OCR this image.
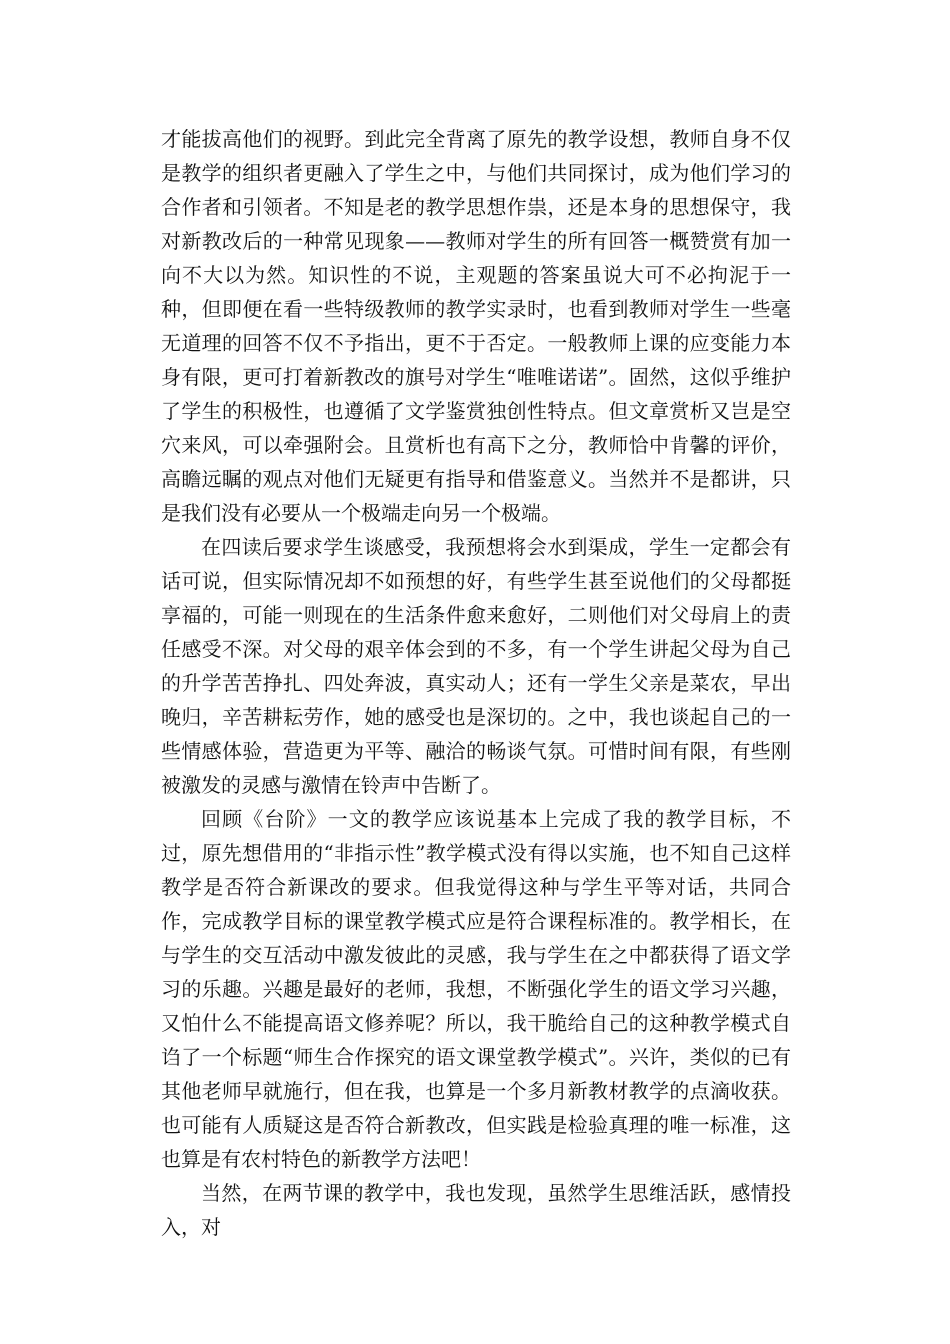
才能拔高他们的视野。到此完全背离了原先的教学设想，教师自身不仅是教学的组织者更融入了学生之中，与他们共同探讨，成为他们学习的合作者和引领者。不知是老的教学思想作祟，还是本身的思想保守，我对新教改后的一种常见现象——教师对学生的所有回答一概赞赏有加一向不大以为然。知识性的不说，主观题的答案虽说大可不必拘泥于一种，但即便在看一些特级教师的教学实录时，也看到教师对学生一些毫无道理的回答不仅不予指出，更不于否定。一般教师上课的应变能力本身有限，更可打着新教改的旗号对学生“唯唯诺诺”。固然，这似乎维护了学生的积极性，也遵循了文学鉴赏独创性特点。但文章赏析又岂是空穴来风，可以牵强附会。且赏析也有高下之分，教师恰中肯馨的评价，高瞻远瞩的观点对他们无疑更有指导和借鉴意义。当然并不是都讲，只是我们没有必要从一个极端走向另一个极端。

在四读后要求学生谈感受，我预想将会水到渠成，学生一定都会有话可说，但实际情况却不如预想的好，有些学生甚至说他们的父母都挺享福的，可能一则现在的生活条件愈来愈好，二则他们对父母肩上的责任感受不深。对父母的艰辛体会到的不多，有一个学生讲起父母为自己的升学苦苦挣扎、四处奔波，真实动人；还有一学生父亲是菜农，早出晚归，辛苦耕耘劳作，她的感受也是深切的。之中，我也谈起自己的一些情感体验，营造更为平等、融洽的畅谈气氛。可惜时间有限，有些刚被激发的灵感与激情在铃声中告断了。

回顾《台阶》一文的教学应该说基本上完成了我的教学目标，不过，原先想借用的“非指示性”教学模式没有得以实施，也不知自己这样教学是否符合新课改的要求。但我觉得这种与学生平等对话，共同合作，完成教学目标的课堂教学模式应是符合课程标准的。教学相长，在与学生的交互活动中激发彼此的灵感，我与学生在之中都获得了语文学习的乐趣。兴趣是最好的老师，我想，不断强化学生的语文学习兴趣，又怕什么不能提高语文修养呢？所以，我干脆给自己的这种教学模式自诌了一个标题“师生合作探究的语文课堂教学模式”。兴许，类似的已有其他老师早就施行，但在我，也算是一个多月新教材教学的点滴收获。也可能有人质疑这是否符合新教改，但实践是检验真理的唯一标准，这也算是有农村特色的新教学方法吧！

当然，在两节课的教学中，我也发现，虽然学生思维活跃，感情投入，对
